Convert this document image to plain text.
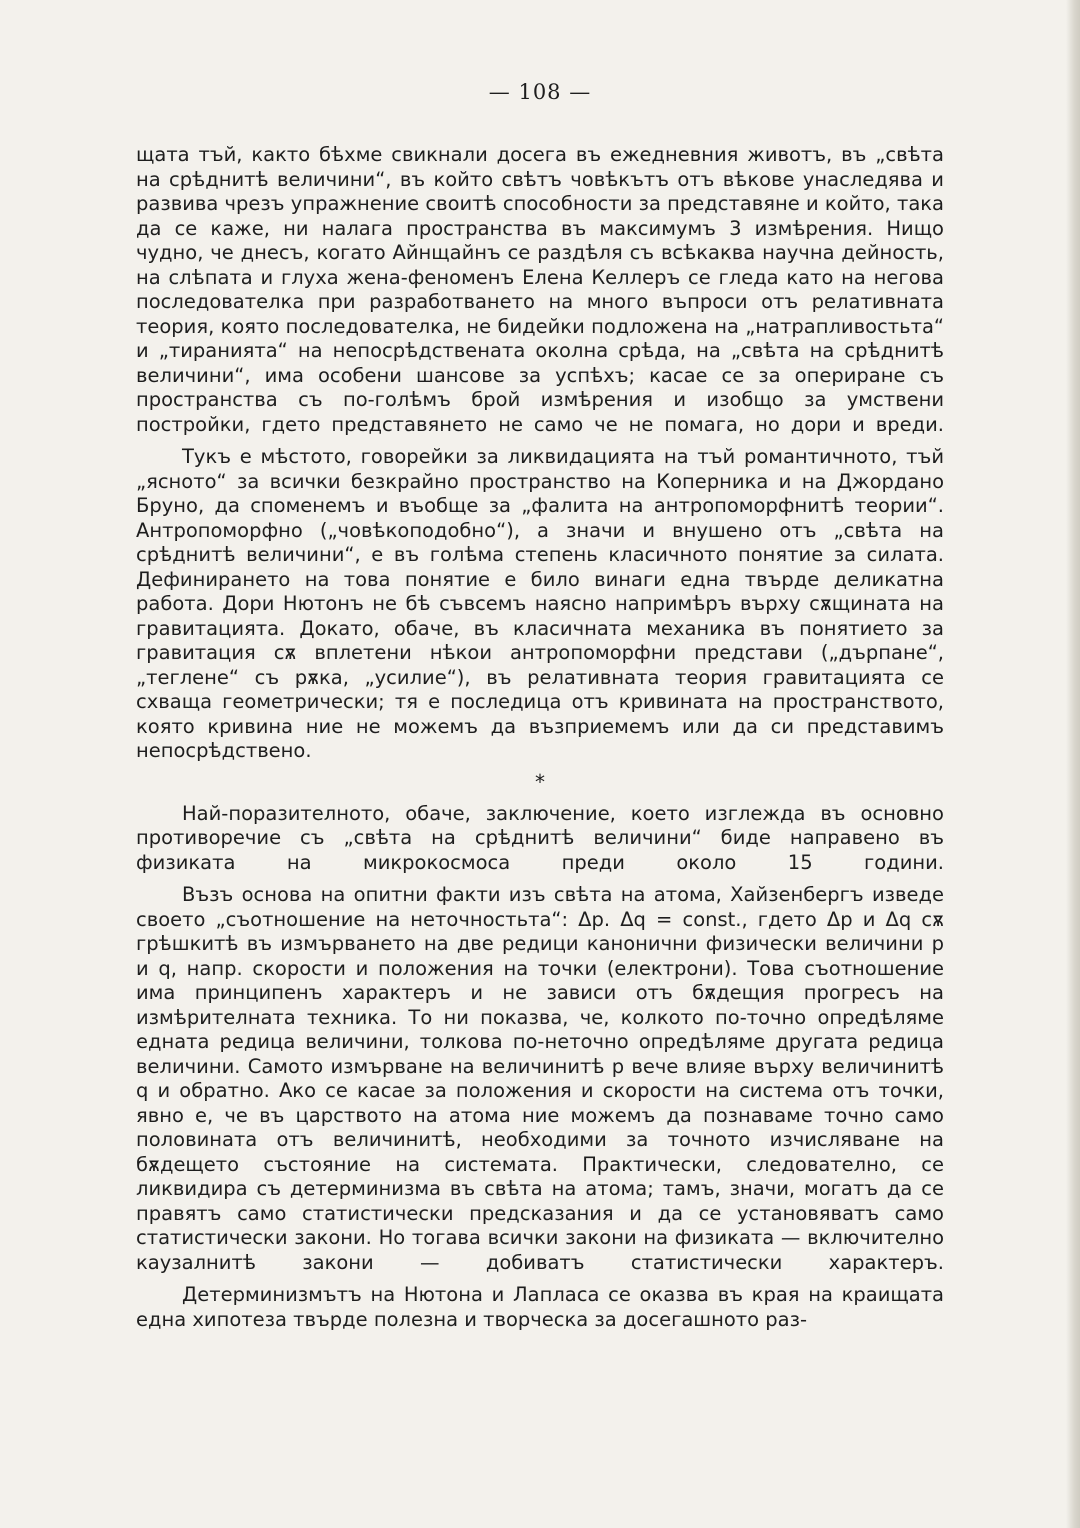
— 108 —

щата тъй, както бѣхме свикнали досега въ ежедневния животъ, въ „свѣта на срѣднитѣ величини“, въ който свѣтъ човѣкътъ отъ вѣкове унаследява и развива чрезъ упражнение своитѣ способности за представяне и който, така да се каже, ни налага пространства въ максимумъ 3 измѣрения. Нищо чудно, че днесъ, когато Айнщайнъ се раздѣля съ всѣкаква научна дейность, на слѣпата и глуха жена-феноменъ Елена Келлеръ се гледа като на негова последователка при разработването на много въпроси отъ релативната теория, която последователка, не бидейки подложена на „натрапливостьта“ и „тиранията“ на непосрѣдствената околна срѣда, на „свѣта на срѣднитѣ величини“, има особени шансове за успѣхъ; касае се за опериране съ пространства съ по-голѣмъ брой измѣрения и изобщо за умствени постройки, гдето представянето не само че не помага, но дори и вреди.

Тукъ е мѣстото, говорейки за ликвидацията на тъй романтичното, тъй „ясното“ за всички безкрайно пространство на Коперника и на Джордано Бруно, да споменемъ и въобще за „фалита на антропоморфнитѣ теории“. Антропоморфно („човѣкоподобно“), а значи и внушено отъ „свѣта на срѣднитѣ величини“, е въ голѣма степень класичното понятие за силата. Дефинирането на това понятие е било винаги една твърде деликатна работа. Дори Нютонъ не бѣ съвсемъ наясно напримѣръ върху сѫщината на гравитацията. Докато, обаче, въ класичната механика въ понятието за гравитация сѫ вплетени нѣкои антропоморфни представи („дърпане“, „теглене“ съ рѫка, „усилие“), въ релативната теория гравитацията се схваща геометрически; тя е последица отъ кривината на пространството, която кривина ние не можемъ да възприемемъ или да си представимъ непосрѣдствено.

*

Най-поразителното, обаче, заключение, което изглежда въ основно противоречие съ „свѣта на срѣднитѣ величини“ биде направено въ физиката на микрокосмоса преди около 15 години.

Възъ основа на опитни факти изъ свѣта на атома, Хайзенбергъ изведе своето „съотношение на неточностьта“: Δp. Δq = const., гдето Δp и Δq сѫ грѣшкитѣ въ измърването на две редици канонични физически величини p и q, напр. скорости и положения на точки (електрони). Това съотношение има принципенъ характеръ и не зависи отъ бѫдещия прогресъ на измѣрителната техника. То ни показва, че, колкото по-точно опредѣляме едната редица величини, толкова по-неточно опредѣляме другата редица величини. Самото измърване на величинитѣ p вече влияе върху величинитѣ q и обратно. Ако се касае за положения и скорости на система отъ точки, явно е, че въ царството на атома ние можемъ да познаваме точно само половината отъ величинитѣ, необходими за точното изчисляване на бѫдещето състояние на системата. Практически, следователно, се ликвидира съ детерминизма въ свѣта на атома; тамъ, значи, могатъ да се правятъ само статистически предсказания и да се установяватъ само статистически закони. Но тогава всички закони на физиката — включително каузалнитѣ закони — добиватъ статистически характеръ.

Детерминизмътъ на Нютона и Лапласа се оказва въ края на краищата една хипотеза твърде полезна и творческа за досегашното раз-
